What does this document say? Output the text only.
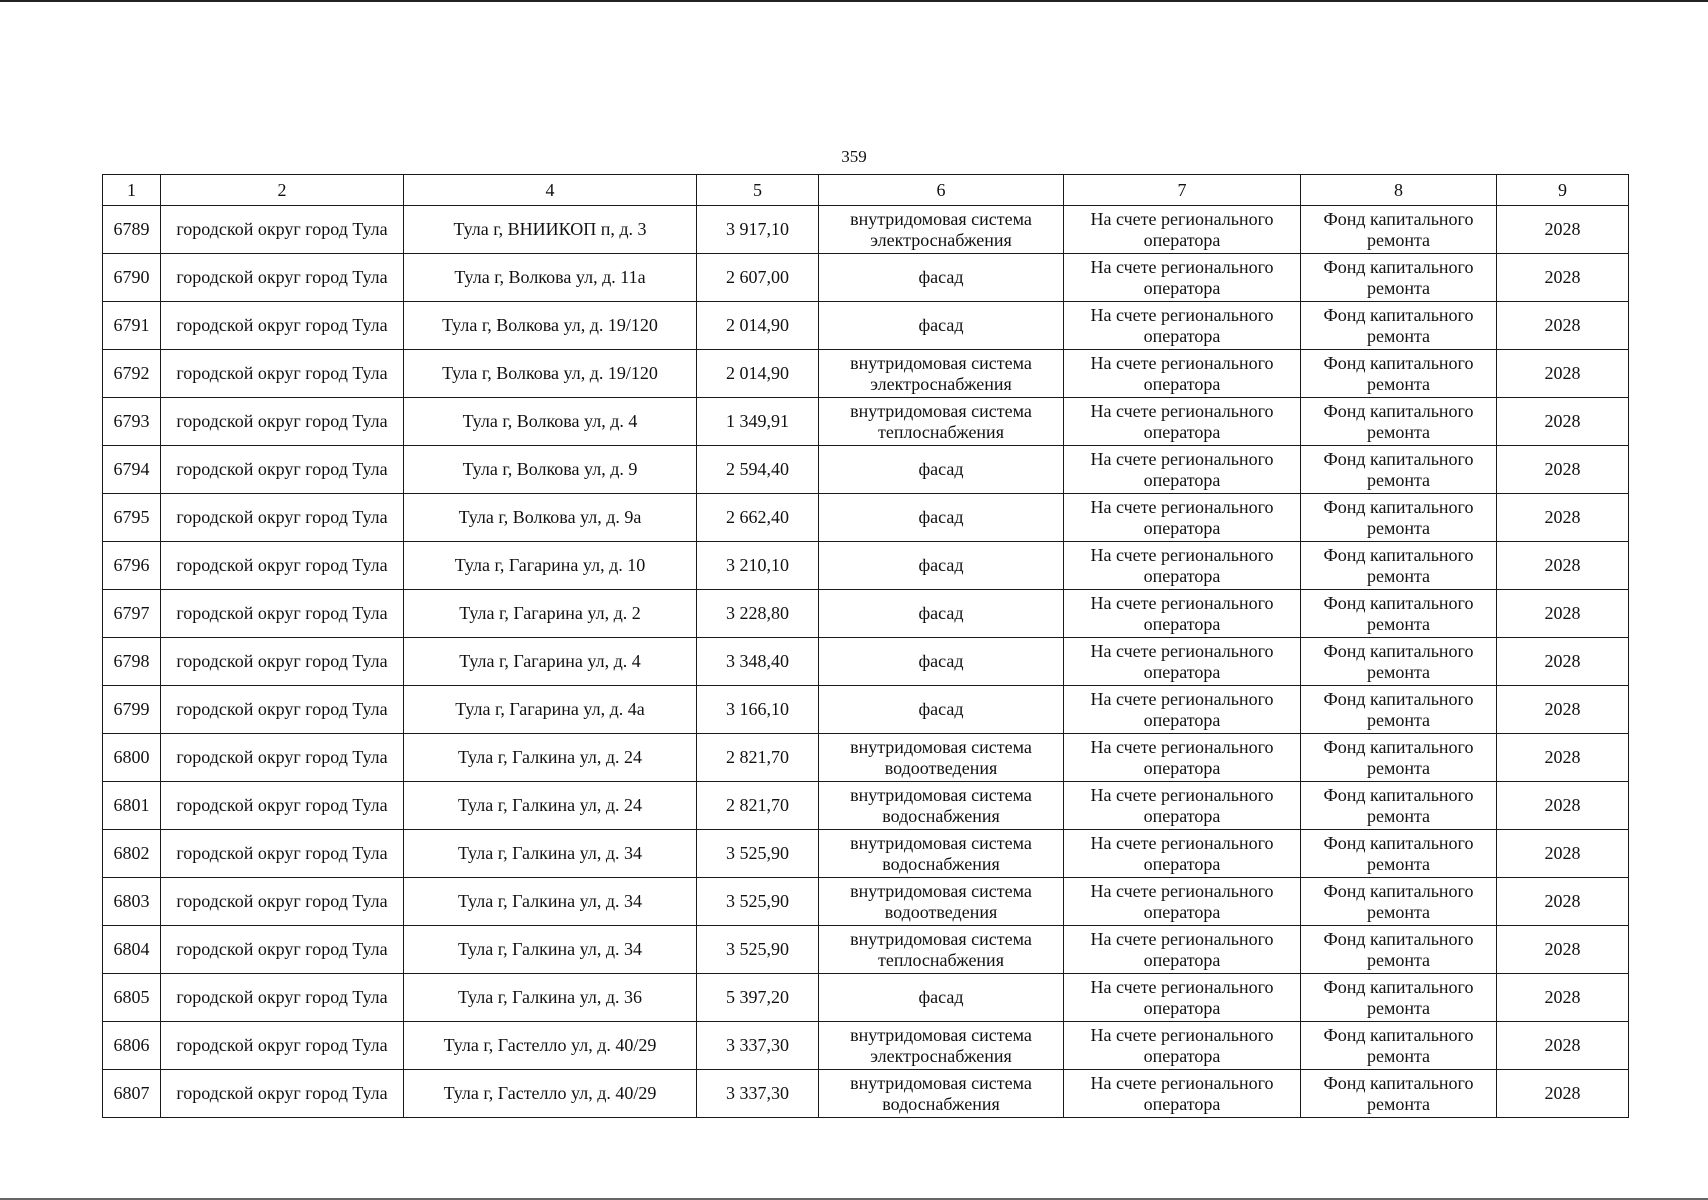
359
1	2	4	5	6	7	8	9
6789	городской округ город Тула	Тула г, ВНИИКОП п, д. 3	3 917,10	внутридомовая система электроснабжения	На счете регионального оператора	Фонд капитального ремонта	2028
6790	городской округ город Тула	Тула г, Волкова ул, д. 11а	2 607,00	фасад	На счете регионального оператора	Фонд капитального ремонта	2028
6791	городской округ город Тула	Тула г, Волкова ул, д. 19/120	2 014,90	фасад	На счете регионального оператора	Фонд капитального ремонта	2028
6792	городской округ город Тула	Тула г, Волкова ул, д. 19/120	2 014,90	внутридомовая система электроснабжения	На счете регионального оператора	Фонд капитального ремонта	2028
6793	городской округ город Тула	Тула г, Волкова ул, д. 4	1 349,91	внутридомовая система теплоснабжения	На счете регионального оператора	Фонд капитального ремонта	2028
6794	городской округ город Тула	Тула г, Волкова ул, д. 9	2 594,40	фасад	На счете регионального оператора	Фонд капитального ремонта	2028
6795	городской округ город Тула	Тула г, Волкова ул, д. 9а	2 662,40	фасад	На счете регионального оператора	Фонд капитального ремонта	2028
6796	городской округ город Тула	Тула г, Гагарина ул, д. 10	3 210,10	фасад	На счете регионального оператора	Фонд капитального ремонта	2028
6797	городской округ город Тула	Тула г, Гагарина ул, д. 2	3 228,80	фасад	На счете регионального оператора	Фонд капитального ремонта	2028
6798	городской округ город Тула	Тула г, Гагарина ул, д. 4	3 348,40	фасад	На счете регионального оператора	Фонд капитального ремонта	2028
6799	городской округ город Тула	Тула г, Гагарина ул, д. 4а	3 166,10	фасад	На счете регионального оператора	Фонд капитального ремонта	2028
6800	городской округ город Тула	Тула г, Галкина ул, д. 24	2 821,70	внутридомовая система водоотведения	На счете регионального оператора	Фонд капитального ремонта	2028
6801	городской округ город Тула	Тула г, Галкина ул, д. 24	2 821,70	внутридомовая система водоснабжения	На счете регионального оператора	Фонд капитального ремонта	2028
6802	городской округ город Тула	Тула г, Галкина ул, д. 34	3 525,90	внутридомовая система водоснабжения	На счете регионального оператора	Фонд капитального ремонта	2028
6803	городской округ город Тула	Тула г, Галкина ул, д. 34	3 525,90	внутридомовая система водоотведения	На счете регионального оператора	Фонд капитального ремонта	2028
6804	городской округ город Тула	Тула г, Галкина ул, д. 34	3 525,90	внутридомовая система теплоснабжения	На счете регионального оператора	Фонд капитального ремонта	2028
6805	городской округ город Тула	Тула г, Галкина ул, д. 36	5 397,20	фасад	На счете регионального оператора	Фонд капитального ремонта	2028
6806	городской округ город Тула	Тула г, Гастелло ул, д. 40/29	3 337,30	внутридомовая система электроснабжения	На счете регионального оператора	Фонд капитального ремонта	2028
6807	городской округ город Тула	Тула г, Гастелло ул, д. 40/29	3 337,30	внутридомовая система водоснабжения	На счете регионального оператора	Фонд капитального ремонта	2028
